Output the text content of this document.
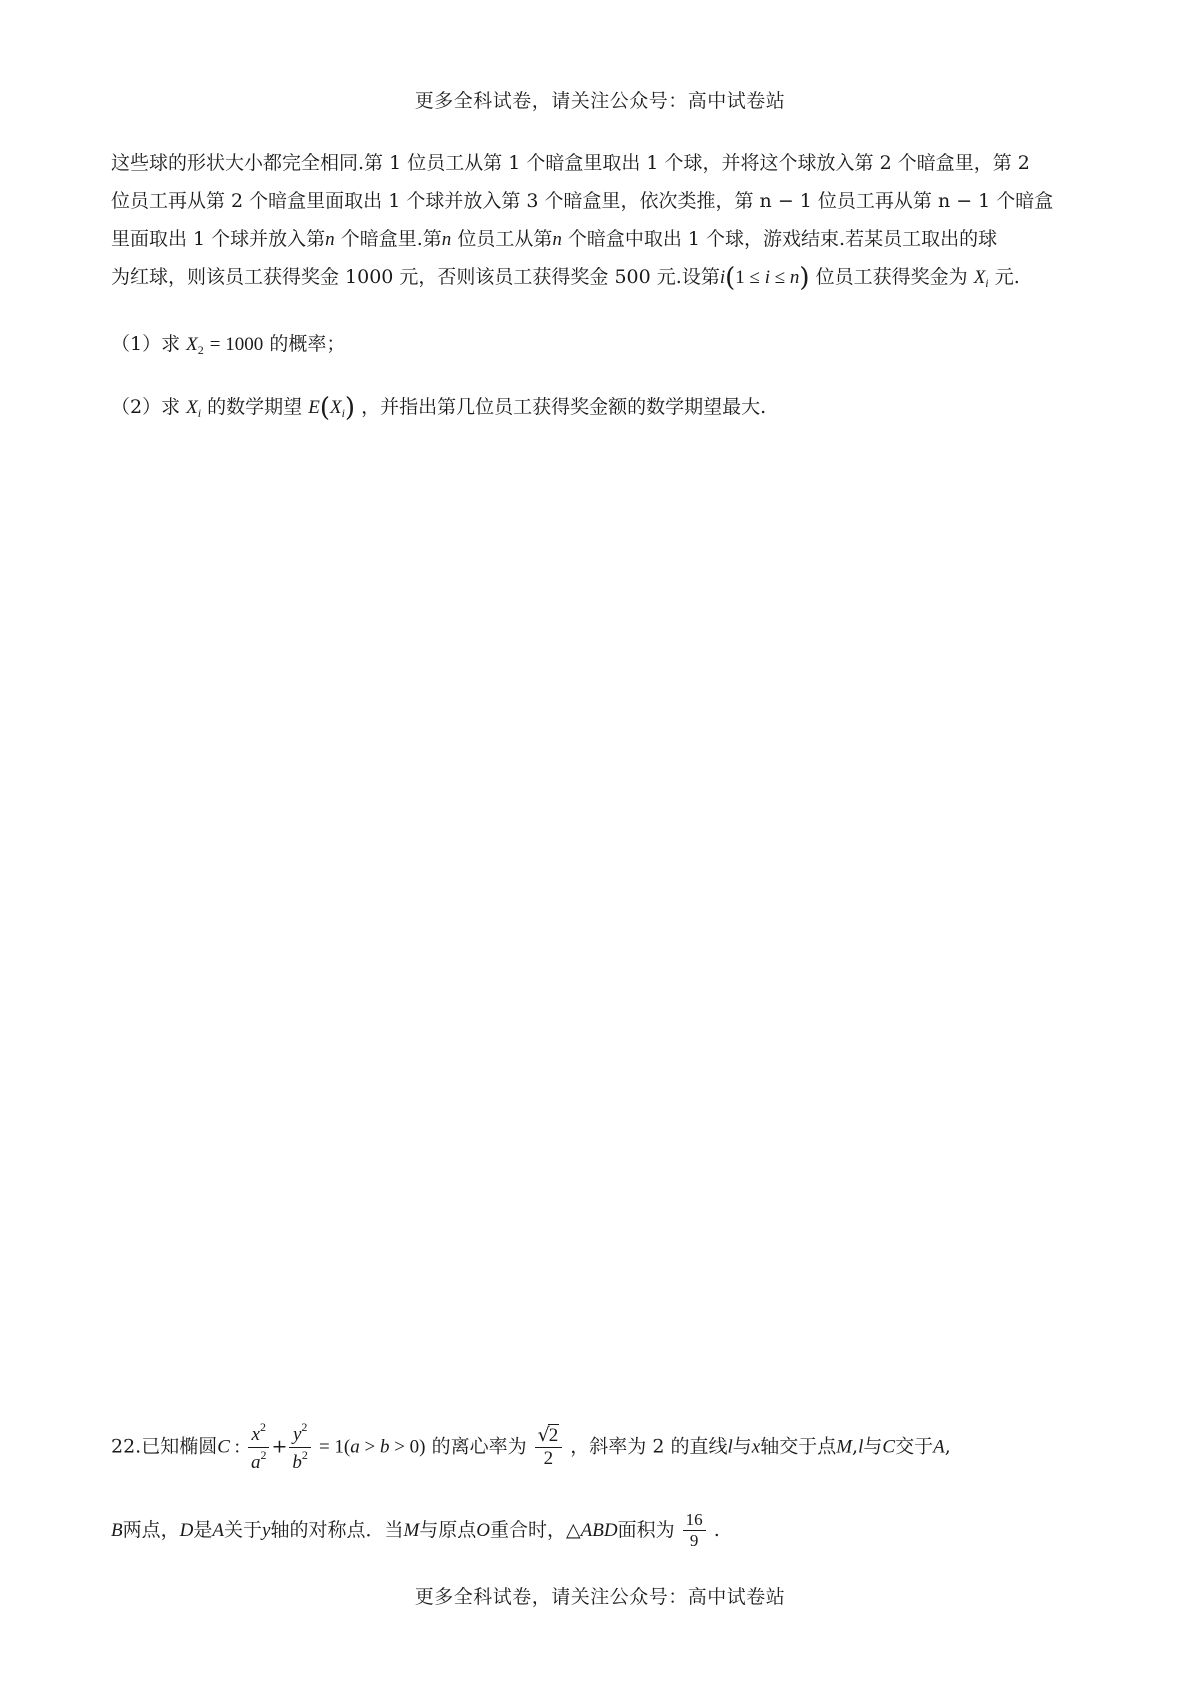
更多全科试卷，请关注公众号：高中试卷站
这些球的形状大小都完全相同.第 1 位员工从第 1 个暗盒里取出 1 个球，并将这个球放入第 2 个暗盒里，第 2
位员工再从第 2 个暗盒里面取出 1 个球并放入第 3 个暗盒里，依次类推，第 n − 1 位员工再从第 n − 1 个暗盒
里面取出 1 个球并放入第n 个暗盒里.第n 位员工从第n 个暗盒中取出 1 个球，游戏结束.若某员工取出的球
为红球，则该员工获得奖金 1000 元，否则该员工获得奖金 500 元.设第i(1 ≤ i ≤ n) 位员工获得奖金为 $X_i$ 元.
（1）求 $X_2 = 1000$ 的概率；
（2）求 $X_i$ 的数学期望 $E(X_i)$ ，并指出第几位员工获得奖金额的数学期望最大.
22.已知椭圆C : $\frac{x^2}{a^2} + \frac{y^2}{b^2} = 1(a > b > 0)$ 的离心率为 $\frac{√2}{2}$ ，斜率为 2 的直线l与x轴交于点M,l与C交于A,
B两点，D是A关于y轴的对称点．当M与原点O重合时，△ABD面积为 $\frac{16}{9}$ .
更多全科试卷，请关注公众号：高中试卷站
